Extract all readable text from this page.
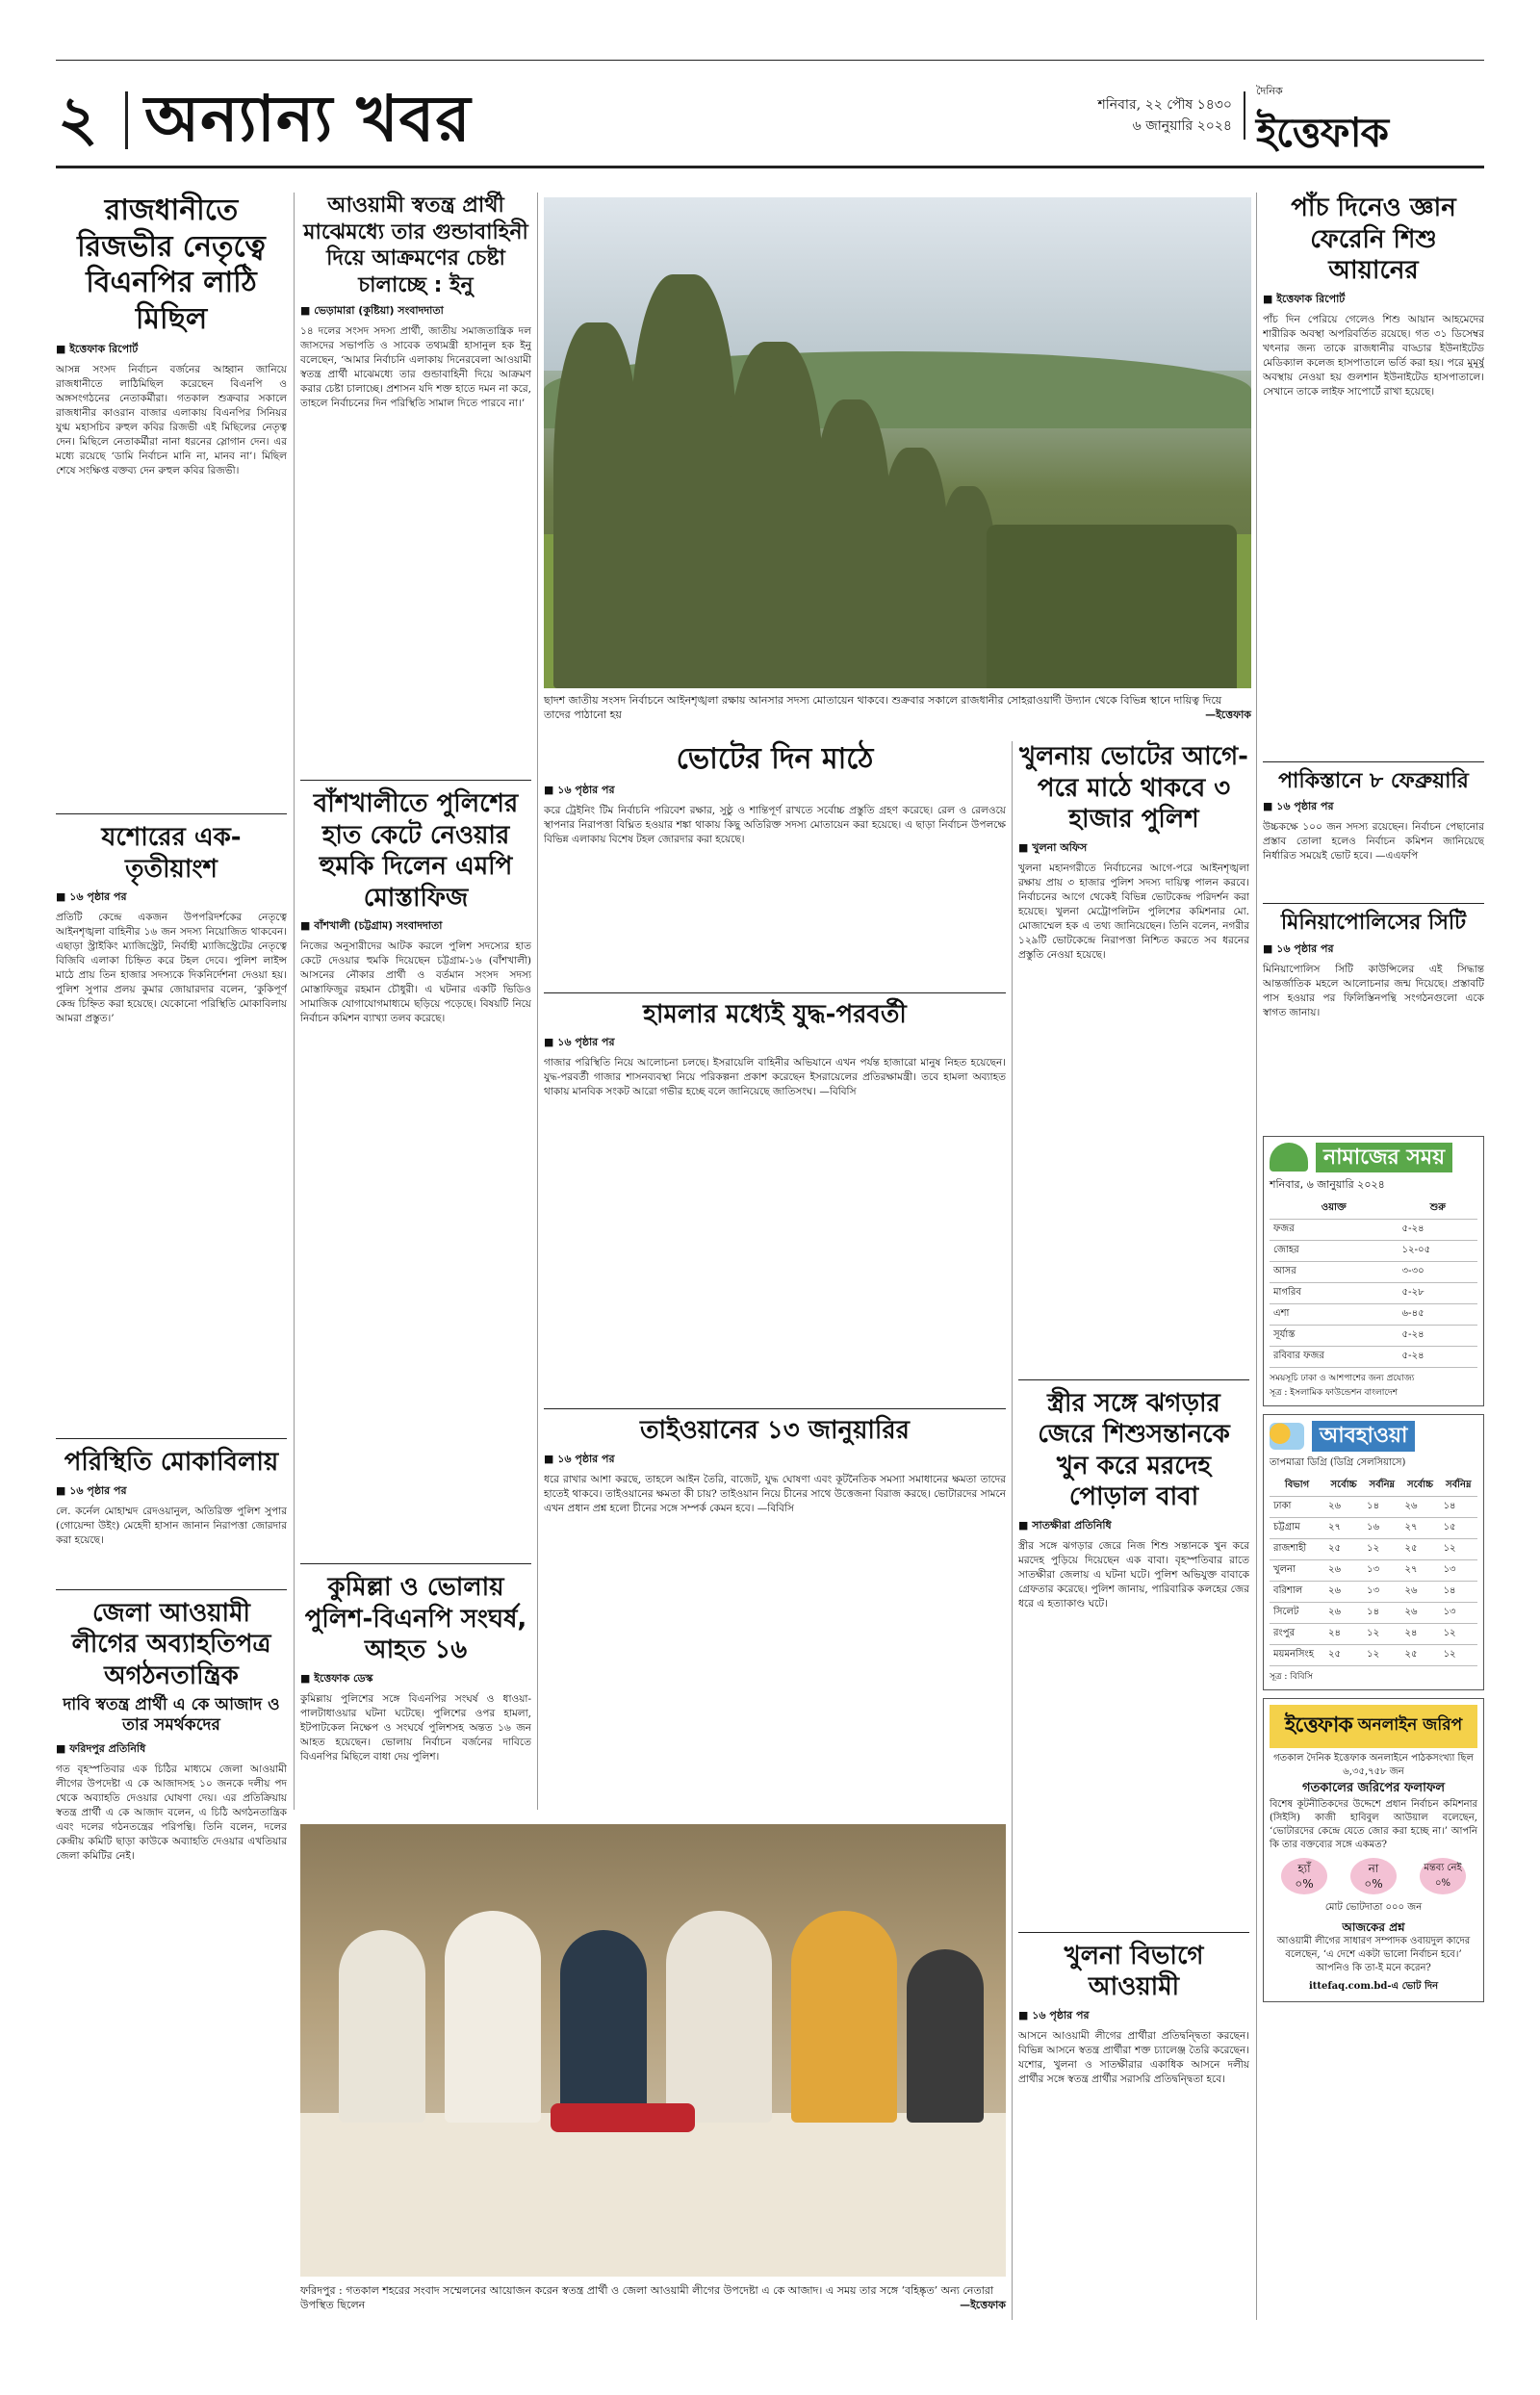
২ অন্যান্য খবর	শনিবার, ২২ পৌষ ১৪৩০
৬ জানুয়ারি ২০২৪
দৈনিক
ইত্তেফাক
রাজধানীতে রিজভীর নেতৃত্বে বিএনপির লাঠি মিছিল
■ ইত্তেফাক রিপোর্ট
আসন্ন সংসদ নির্বাচন বর্জনের আহ্বান জানিয়ে রাজধানীতে লাঠিমিছিল করেছেন বিএনপি ও অঙ্গসংগঠনের নেতাকর্মীরা। গতকাল শুক্রবার সকালে রাজধানীর কাওরান বাজার এলাকায় বিএনপির সিনিয়র যুগ্ম মহাসচিব রুহুল কবির রিজভী এই মিছিলের নেতৃত্ব দেন। মিছিলে নেতাকর্মীরা নানা ধরনের স্লোগান দেন। এর মধ্যে রয়েছে ‘ডামি নির্বাচন মানি না, মানব না’। মিছিল শেষে সংক্ষিপ্ত বক্তব্য দেন রুহুল কবির রিজভী।
যশোরের এক-তৃতীয়াংশ
■ ১৬ পৃষ্ঠার পর
প্রতিটি কেন্দ্রে একজন উপপরিদর্শকের নেতৃত্বে আইনশৃঙ্খলা বাহিনীর ১৬ জন সদস্য নিয়োজিত থাকবেন। এছাড়া স্ট্রাইকিং ম্যাজিস্ট্রেট, নির্বাহী ম্যাজিস্ট্রেটের নেতৃত্বে বিজিবি এলাকা চিহ্নিত করে টহল দেবে। পুলিশ লাইন্স মাঠে প্রায় তিন হাজার সদস্যকে দিকনির্দেশনা দেওয়া হয়। পুলিশ সুপার প্রলয় কুমার জোয়ারদার বলেন, ‘কুকিপূর্ণ কেন্দ্র চিহ্নিত করা হয়েছে। যেকোনো পরিস্থিতি মোকাবিলায় আমরা প্রস্তুত।’
পরিস্থিতি মোকাবিলায়
■ ১৬ পৃষ্ঠার পর
লে. কর্নেল মোহাম্মদ রেদওয়ানুল, অতিরিক্ত পুলিশ সুপার (গোয়েন্দা উইং) মেহেদী হাসান জানান নিরাপত্তা জোরদার করা হয়েছে।
জেলা আওয়ামী লীগের অব্যাহতিপত্র অগঠনতান্ত্রিক
দাবি স্বতন্ত্র প্রার্থী এ কে আজাদ ও তার সমর্থকদের
■ ফরিদপুর প্রতিনিধি
গত বৃহস্পতিবার এক চিঠির মাধ্যমে জেলা আওয়ামী লীগের উপদেষ্টা এ কে আজাদসহ ১০ জনকে দলীয় পদ থেকে অব্যাহতি দেওয়ার ঘোষণা দেয়। এর প্রতিক্রিয়ায় স্বতন্ত্র প্রার্থী এ কে আজাদ বলেন, এ চিঠি অগঠনতান্ত্রিক এবং দলের গঠনতন্ত্রের পরিপন্থি। তিনি বলেন, দলের কেন্দ্রীয় কমিটি ছাড়া কাউকে অব্যাহতি দেওয়ার এখতিয়ার জেলা কমিটির নেই।
আওয়ামী স্বতন্ত্র প্রার্থী মাঝেমধ্যে তার গুন্ডাবাহিনী দিয়ে আক্রমণের চেষ্টা চালাচ্ছে : ইনু
■ ভেড়ামারা (কুষ্টিয়া) সংবাদদাতা
১৪ দলের সংসদ সদস্য প্রার্থী, জাতীয় সমাজতান্ত্রিক দল জাসদের সভাপতি ও সাবেক তথ্যমন্ত্রী হাসানুল হক ইনু বলেছেন, ‘আমার নির্বাচনি এলাকায় দিনেরবেলা আওয়ামী স্বতন্ত্র প্রার্থী মাঝেমধ্যে তার গুন্ডাবাহিনী দিয়ে আক্রমণ করার চেষ্টা চালাচ্ছে। প্রশাসন যদি শক্ত হাতে দমন না করে, তাহলে নির্বাচনের দিন পরিস্থিতি সামাল দিতে পারবে না।’
বাঁশখালীতে পুলিশের হাত কেটে নেওয়ার হুমকি দিলেন এমপি মোস্তাফিজ
■ বাঁশখালী (চট্টগ্রাম) সংবাদদাতা
নিজের অনুসারীদের আটক করলে পুলিশ সদস্যের হাত কেটে দেওয়ার হুমকি দিয়েছেন চট্টগ্রাম-১৬ (বাঁশখালী) আসনের নৌকার প্রার্থী ও বর্তমান সংসদ সদস্য মোস্তাফিজুর রহমান চৌধুরী। এ ঘটনার একটি ভিডিও সামাজিক যোগাযোগমাধ্যমে ছড়িয়ে পড়েছে। বিষয়টি নিয়ে নির্বাচন কমিশন ব্যাখ্যা তলব করেছে।
কুমিল্লা ও ভোলায় পুলিশ-বিএনপি সংঘর্ষ, আহত ১৬
■ ইত্তেফাক ডেস্ক
কুমিল্লায় পুলিশের সঙ্গে বিএনপির সংঘর্ষ ও ধাওয়া-পালটাধাওয়ার ঘটনা ঘটেছে। পুলিশের ওপর হামলা, ইটপাটকেল নিক্ষেপ ও সংঘর্ষে পুলিশসহ অন্তত ১৬ জন আহত হয়েছেন। ভোলায় নির্বাচন বর্জনের দাবিতে বিএনপির মিছিলে বাধা দেয় পুলিশ।
ছাদশ জাতীয় সংসদ নির্বাচনে আইনশৃঙ্খলা রক্ষায় আনসার সদস্য মোতায়েন থাকবে। শুক্রবার সকালে রাজধানীর সোহরাওয়ার্দী উদ্যান থেকে বিভিন্ন স্থানে দায়িত্ব দিয়ে তাদের পাঠানো হয়	—ইত্তেফাক
ভোটের দিন মাঠে
■ ১৬ পৃষ্ঠার পর
করে ট্রেইনিং টিম নির্বাচনি পরিবেশ রক্ষার, সুষ্ঠু ও শান্তিপূর্ণ রাখতে সর্বোচ্চ প্রস্তুতি গ্রহণ করেছে। রেল ও রেলওয়ে স্থাপনার নিরাপত্তা বিঘ্নিত হওয়ার শঙ্কা থাকায় কিছু অতিরিক্ত সদস্য মোতায়েন করা হয়েছে। এ ছাড়া নির্বাচন উপলক্ষে বিভিন্ন এলাকায় বিশেষ টহল জোরদার করা হয়েছে।
হামলার মধ্যেই যুদ্ধ-পরবর্তী
■ ১৬ পৃষ্ঠার পর
গাজার পরিস্থিতি নিয়ে আলোচনা চলছে। ইসরায়েলি বাহিনীর অভিযানে এখন পর্যন্ত হাজারো মানুষ নিহত হয়েছেন। যুদ্ধ-পরবর্তী গাজার শাসনব্যবস্থা নিয়ে পরিকল্পনা প্রকাশ করেছেন ইসরায়েলের প্রতিরক্ষামন্ত্রী। তবে হামলা অব্যাহত থাকায় মানবিক সংকট আরো গভীর হচ্ছে বলে জানিয়েছে জাতিসংঘ। —বিবিসি
তাইওয়ানের ১৩ জানুয়ারির
■ ১৬ পৃষ্ঠার পর
ধরে রাখার আশা করছে, তাহলে আইন তৈরি, বাজেট, যুদ্ধ ঘোষণা এবং কূটনৈতিক সমস্যা সমাধানের ক্ষমতা তাদের হাতেই থাকবে। তাইওয়ানের ক্ষমতা কী চায়? তাইওয়ান নিয়ে চীনের সাথে উত্তেজনা বিরাজ করছে। ভোটারদের সামনে এখন প্রধান প্রশ্ন হলো চীনের সঙ্গে সম্পর্ক কেমন হবে। —বিবিসি
ফরিদপুর : গতকাল শহরের সংবাদ সম্মেলনের আয়োজন করেন স্বতন্ত্র প্রার্থী ও জেলা আওয়ামী লীগের উপদেষ্টা এ কে আজাদ। এ সময় তার সঙ্গে ‘বহিষ্কৃত’ অন্য নেতারা উপস্থিত ছিলেন	—ইত্তেফাক
খুলনায় ভোটের আগে-পরে মাঠে থাকবে ৩ হাজার পুলিশ
■ খুলনা অফিস
খুলনা মহানগরীতে নির্বাচনের আগে-পরে আইনশৃঙ্খলা রক্ষায় প্রায় ৩ হাজার পুলিশ সদস্য দায়িত্ব পালন করবে। নির্বাচনের আগে থেকেই বিভিন্ন ভোটকেন্দ্র পরিদর্শন করা হয়েছে। খুলনা মেট্রোপলিটন পুলিশের কমিশনার মো. মোজাম্মেল হক এ তথ্য জানিয়েছেন। তিনি বলেন, নগরীর ১২৯টি ভোটকেন্দ্রে নিরাপত্তা নিশ্চিত করতে সব ধরনের প্রস্তুতি নেওয়া হয়েছে।
স্ত্রীর সঙ্গে ঝগড়ার জেরে শিশুসন্তানকে খুন করে মরদেহ পোড়াল বাবা
■ সাতক্ষীরা প্রতিনিধি
স্ত্রীর সঙ্গে ঝগড়ার জেরে নিজ শিশু সন্তানকে খুন করে মরদেহ পুড়িয়ে দিয়েছেন এক বাবা। বৃহস্পতিবার রাতে সাতক্ষীরা জেলায় এ ঘটনা ঘটে। পুলিশ অভিযুক্ত বাবাকে গ্রেফতার করেছে। পুলিশ জানায়, পারিবারিক কলহের জের ধরে এ হত্যাকাণ্ড ঘটে।
খুলনা বিভাগে আওয়ামী
■ ১৬ পৃষ্ঠার পর
আসনে আওয়ামী লীগের প্রার্থীরা প্রতিদ্বন্দ্বিতা করছেন। বিভিন্ন আসনে স্বতন্ত্র প্রার্থীরা শক্ত চ্যালেঞ্জ তৈরি করেছেন। যশোর, খুলনা ও সাতক্ষীরার একাধিক আসনে দলীয় প্রার্থীর সঙ্গে স্বতন্ত্র প্রার্থীর সরাসরি প্রতিদ্বন্দ্বিতা হবে।
পাঁচ দিনেও জ্ঞান ফেরেনি শিশু আয়ানের
■ ইত্তেফাক রিপোর্ট
পাঁচ দিন পেরিয়ে গেলেও শিশু আয়ান আহমেদের শারীরিক অবস্থা অপরিবর্তিত রয়েছে। গত ৩১ ডিসেম্বর খৎনার জন্য তাকে রাজধানীর বাড্ডার ইউনাইটেড মেডিক্যাল কলেজ হাসপাতালে ভর্তি করা হয়। পরে মুমূর্ষু অবস্থায় নেওয়া হয় গুলশান ইউনাইটেড হাসপাতালে। সেখানে তাকে লাইফ সাপোর্টে রাখা হয়েছে।
পাকিস্তানে ৮ ফেব্রুয়ারি
■ ১৬ পৃষ্ঠার পর
উচ্চকক্ষে ১০০ জন সদস্য রয়েছেন। নির্বাচন পেছানোর প্রস্তাব তোলা হলেও নির্বাচন কমিশন জানিয়েছে নির্ধারিত সময়েই ভোট হবে। —এএফপি
মিনিয়াপোলিসের সিটি
■ ১৬ পৃষ্ঠার পর
মিনিয়াপোলিস সিটি কাউন্সিলের এই সিদ্ধান্ত আন্তর্জাতিক মহলে আলোচনার জন্ম দিয়েছে। প্রস্তাবটি পাস হওয়ার পর ফিলিস্তিনপন্থি সংগঠনগুলো একে স্বাগত জানায়।
নামাজের সময়
শনিবার, ৬ জানুয়ারি ২০২৪
ওয়াক্ত	শুরু
ফজর	৫-২৪
জোহর	১২-০৫
আসর	৩-৩০
মাগরিব	৫-২৮
এশা	৬-৪৫
সূর্যাস্ত	৫-২৪
রবিবার ফজর	৫-২৪
সময়সূচি ঢাকা ও আশপাশের জন্য প্রযোজ্য
সূত্র : ইসলামিক ফাউন্ডেশন বাংলাদেশ
আবহাওয়া
তাপমাত্রা ডিগ্রি (ডিগ্রি সেলসিয়াসে)
বিভাগ	সর্বোচ্চ	সর্বনিম্ন	সর্বোচ্চ	সর্বনিম্ন
ঢাকা	২৬	১৪	২৬	১৪
চট্টগ্রাম	২৭	১৬	২৭	১৫
রাজশাহী	২৫	১২	২৫	১২
খুলনা	২৬	১৩	২৭	১৩
বরিশাল	২৬	১৩	২৬	১৪
সিলেট	২৬	১৪	২৬	১৩
রংপুর	২৪	১২	২৪	১২
ময়মনসিংহ	২৫	১২	২৫	১২
সূত্র : বিবিসি
ইত্তেফাক অনলাইন জরিপ
গতকাল দৈনিক ইত্তেফাক অনলাইনে পাঠকসংখ্যা ছিল ৬,৩৫,৭৫৮ জন
গতকালের জরিপের ফলাফল
বিশেষ কূটনীতিকদের উদ্দেশে প্রধান নির্বাচন কমিশনার (সিইসি) কাজী হাবিবুল আউয়াল বলেছেন, ‘ভোটারদের কেন্দ্রে যেতে জোর করা হচ্ছে না।’ আপনি কি তার বক্তব্যের সঙ্গে একমত?
হ্যাঁ
০%
না
০%
মন্তব্য নেই
০%
মোট ভোটদাতা ০০০ জন
আজকের প্রশ্ন
আওয়ামী লীগের সাধারণ সম্পাদক ওবায়দুল কাদের বলেছেন, ‘এ দেশে একটা ভালো নির্বাচন হবে।’ আপনিও কি তা-ই মনে করেন?
ittefaq.com.bd-এ ভোট দিন
